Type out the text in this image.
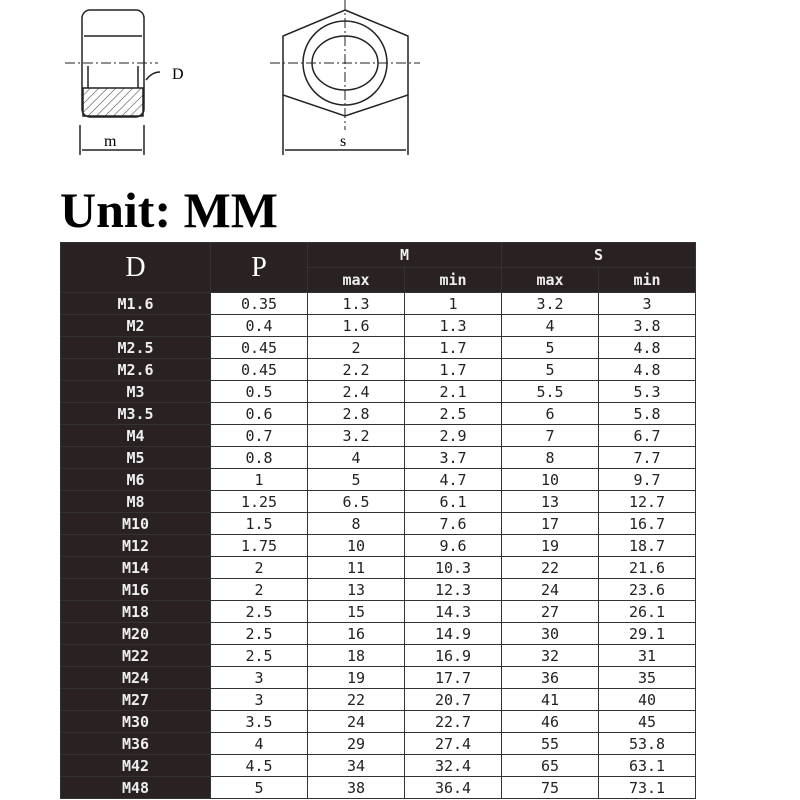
D
m	s
Unit: MM
D	P	M		S	
		max	min	max	min
M1.6	0.35	1.3	1	3.2	3
M2	0.4	1.6	1.3	4	3.8
M2.5	0.45	2	1.7	5	4.8
M2.6	0.45	2.2	1.7	5	4.8
M3	0.5	2.4	2.1	5.5	5.3
M3.5	0.6	2.8	2.5	6	5.8
M4	0.7	3.2	2.9	7	6.7
M5	0.8	4	3.7	8	7.7
M6	1	5	4.7	10	9.7
M8	1.25	6.5	6.1	13	12.7
M10	1.5	8	7.6	17	16.7
M12	1.75	10	9.6	19	18.7
M14	2	11	10.3	22	21.6
M16	2	13	12.3	24	23.6
M18	2.5	15	14.3	27	26.1
M20	2.5	16	14.9	30	29.1
M22	2.5	18	16.9	32	31
M24	3	19	17.7	36	35
M27	3	22	20.7	41	40
M30	3.5	24	22.7	46	45
M36	4	29	27.4	55	53.8
M42	4.5	34	32.4	65	63.1
M48	5	38	36.4	75	73.1
